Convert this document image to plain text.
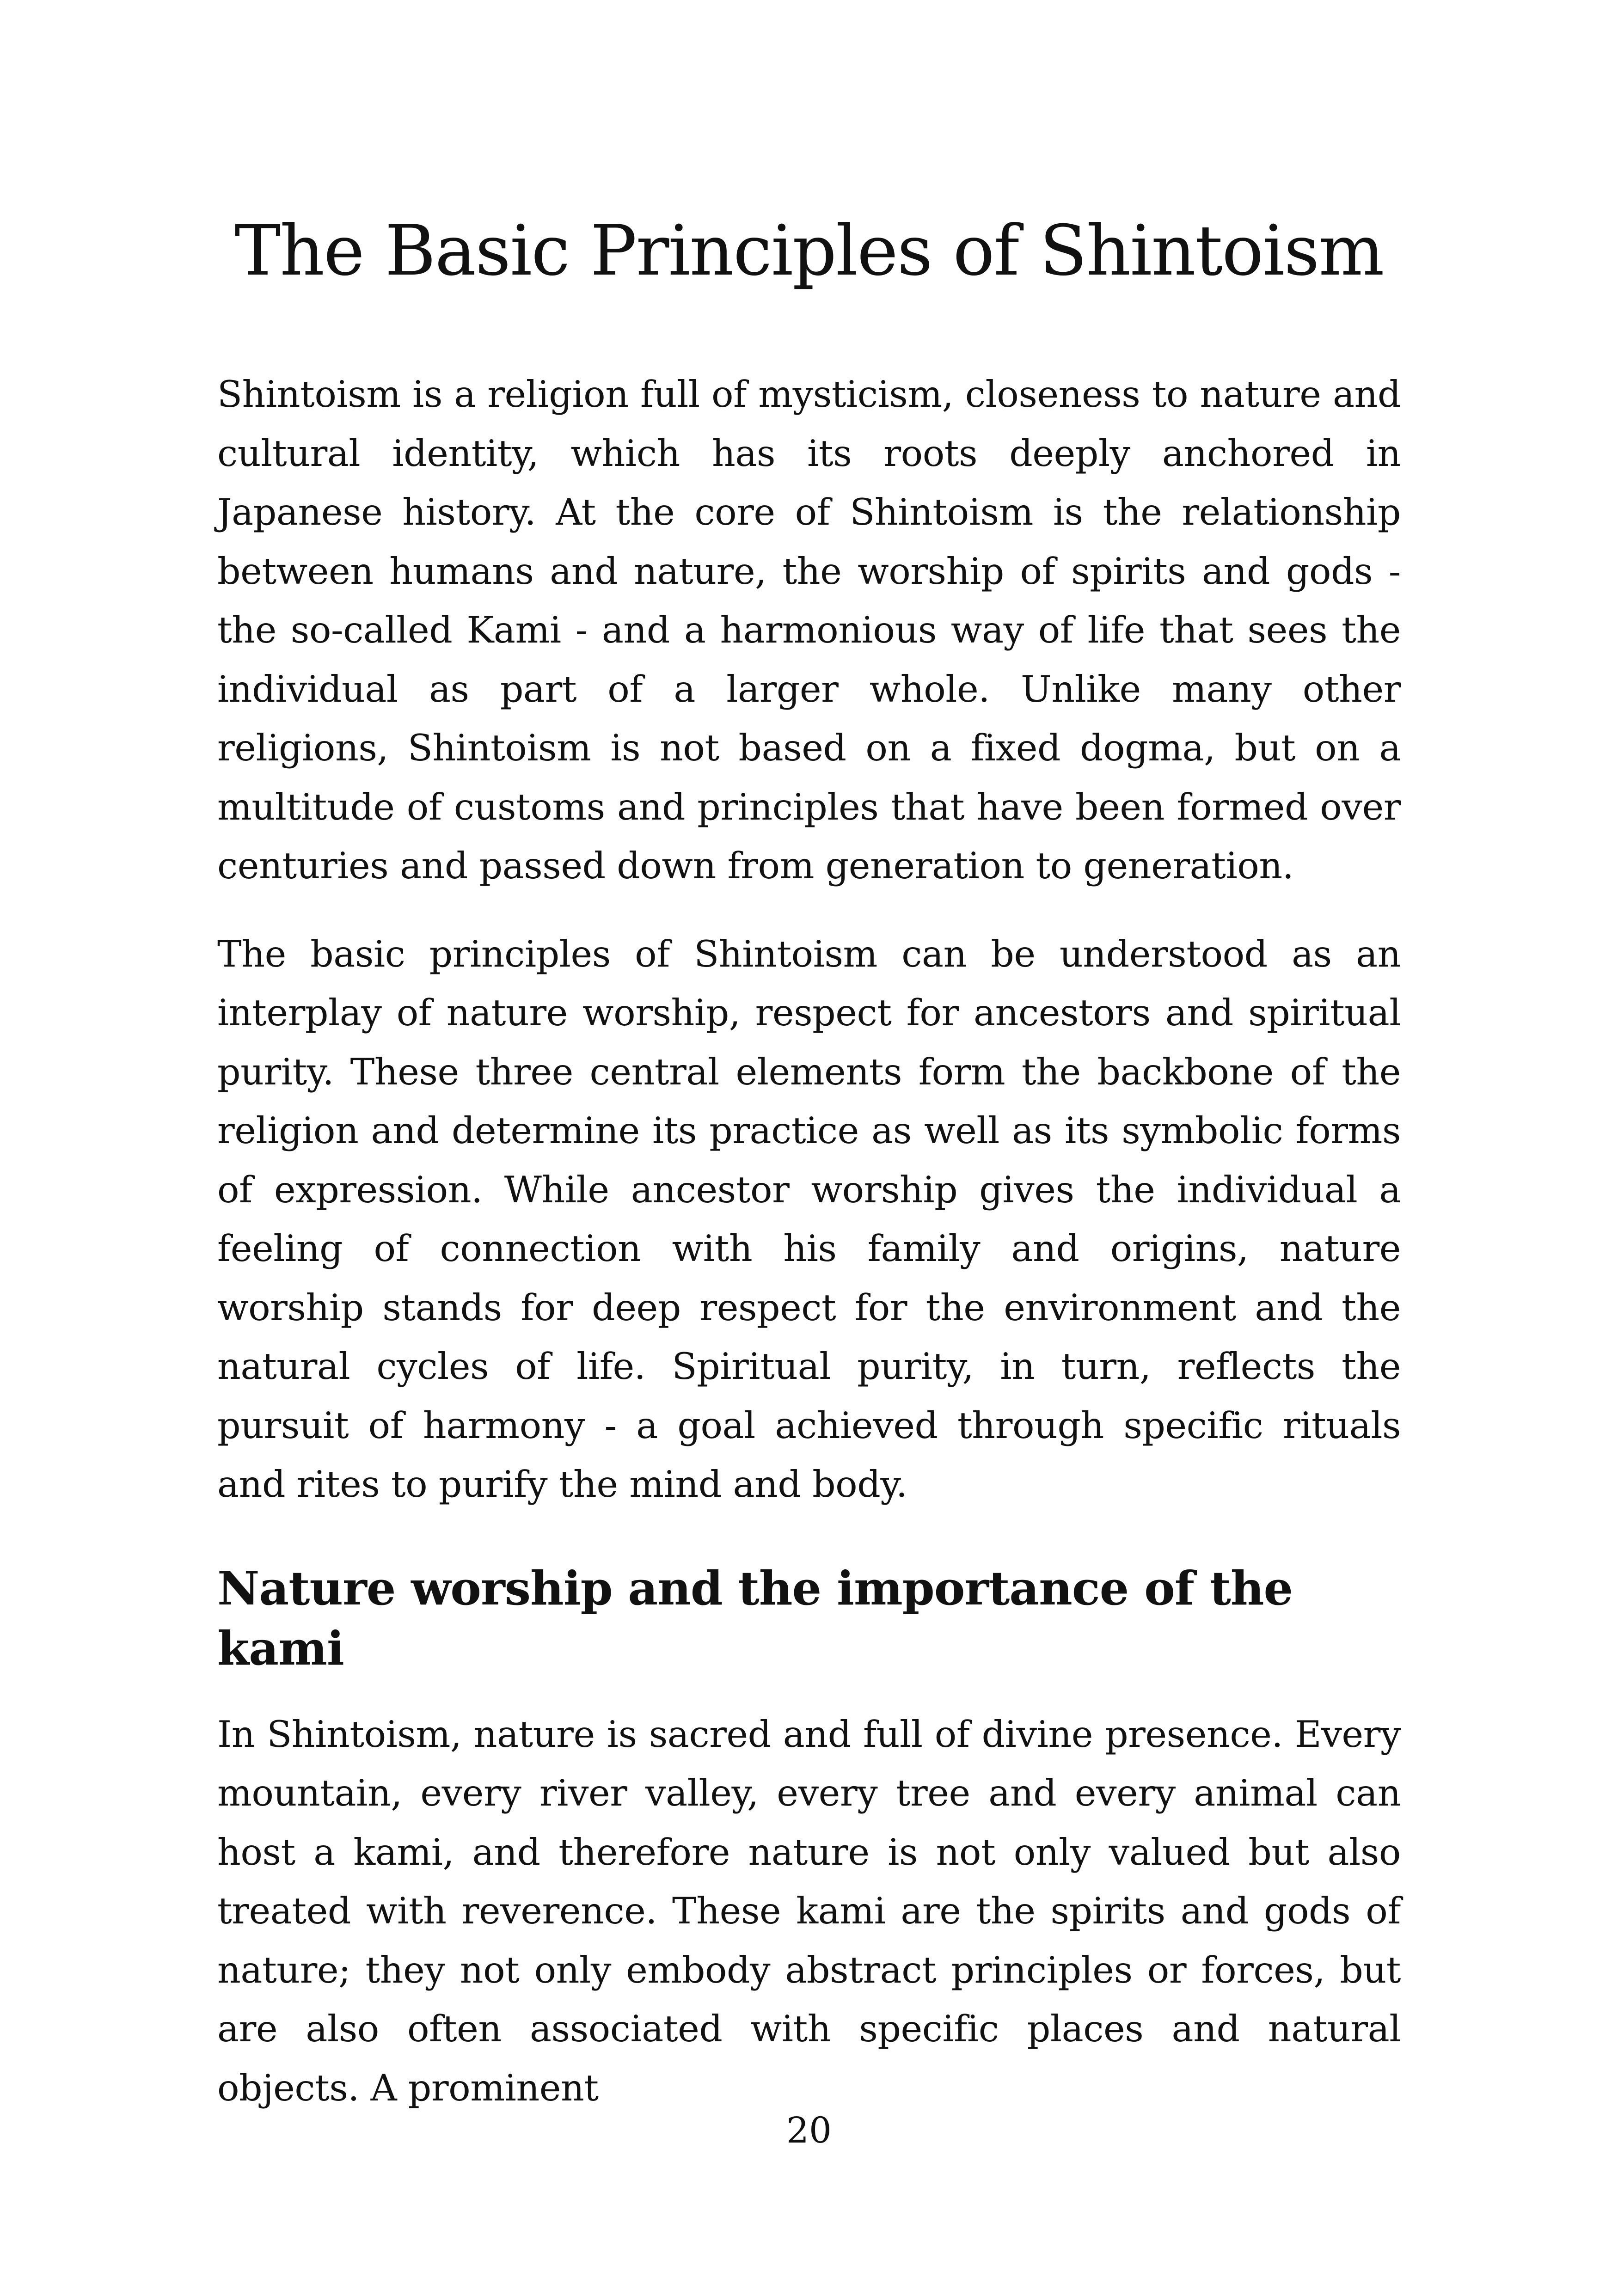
The Basic Principles of Shintoism

Shintoism is a religion full of mysticism, closeness to nature and cultural identity, which has its roots deeply anchored in Japanese history. At the core of Shintoism is the relationship between humans and nature, the worship of spirits and gods - the so-called Kami - and a harmonious way of life that sees the individual as part of a larger whole. Unlike many other religions, Shintoism is not based on a fixed dogma, but on a multitude of customs and principles that have been formed over centuries and passed down from generation to generation.

The basic principles of Shintoism can be understood as an interplay of nature worship, respect for ancestors and spiritual purity. These three central elements form the backbone of the religion and determine its practice as well as its symbolic forms of expression. While ancestor worship gives the individual a feeling of connection with his family and origins, nature worship stands for deep respect for the environment and the natural cycles of life. Spiritual purity, in turn, reflects the pursuit of harmony - a goal achieved through specific rituals and rites to purify the mind and body.

Nature worship and the importance of the kami

In Shintoism, nature is sacred and full of divine presence. Every mountain, every river valley, every tree and every animal can host a kami, and therefore nature is not only valued but also treated with reverence. These kami are the spirits and gods of nature; they not only embody abstract principles or forces, but are also often associated with specific places and natural objects. A prominent

20
